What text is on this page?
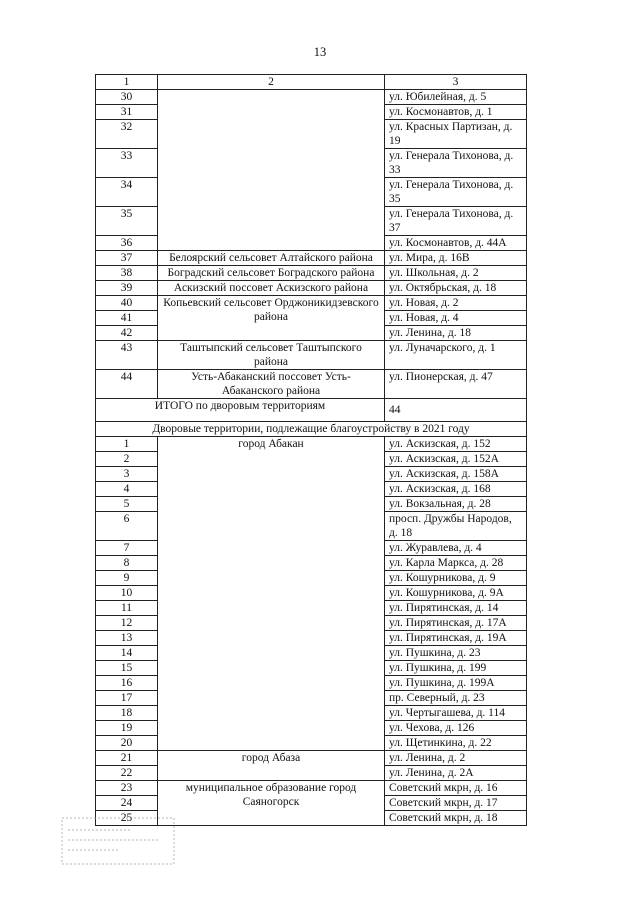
13
1	2	3
30		ул. Юбилейная, д. 5
31		ул. Космонавтов, д. 1
32		ул. Красных Партизан, д. 19
33		ул. Генерала Тихонова, д. 33
34		ул. Генерала Тихонова, д. 35
35		ул. Генерала Тихонова, д. 37
36		ул. Космонавтов, д. 44А
37	Белоярский сельсовет Алтайского района	ул. Мира, д. 16В
38	Боградский сельсовет Боградского района	ул. Школьная, д. 2
39	Аскизский поссовет Аскизского района	ул. Октябрьская, д. 18
40	Копьевский сельсовет Орджоникидзевского района	ул. Новая, д. 2
41		ул. Новая, д. 4
42		ул. Ленина, д. 18
43	Таштыпский сельсовет Таштыпского района	ул. Луначарского, д. 1
44	Усть-Абаканский поссовет Усть-Абаканского района	ул. Пионерская, д. 47
ИТОГО по дворовым территориям		44
Дворовые территории, подлежащие благоустройству в 2021 году		
1	город Абакан	ул. Аскизская, д. 152
2		ул. Аскизская, д. 152А
3		ул. Аскизская, д. 158А
4		ул. Аскизская, д. 168
5		ул. Вокзальная, д. 28
6		просп. Дружбы Народов, д. 18
7		ул. Журавлева, д. 4
8		ул. Карла Маркса, д. 28
9		ул. Кошурникова, д. 9
10		ул. Кошурникова, д. 9А
11		ул. Пирятинская, д. 14
12		ул. Пирятинская, д. 17А
13		ул. Пирятинская, д. 19А
14		ул. Пушкина, д. 23
15		ул. Пушкина, д. 199
16		ул. Пушкина, д. 199А
17		пр. Северный, д. 23
18		ул. Чертыгашева, д. 114
19		ул. Чехова, д. 126
20		ул. Щетинкина, д. 22
21	город Абаза	ул. Ленина, д. 2
22		ул. Ленина, д. 2А
23	муниципальное образование город Саяногорск	Советский мкрн, д. 16
24		Советский мкрн, д. 17
25		Советский мкрн, д. 18
